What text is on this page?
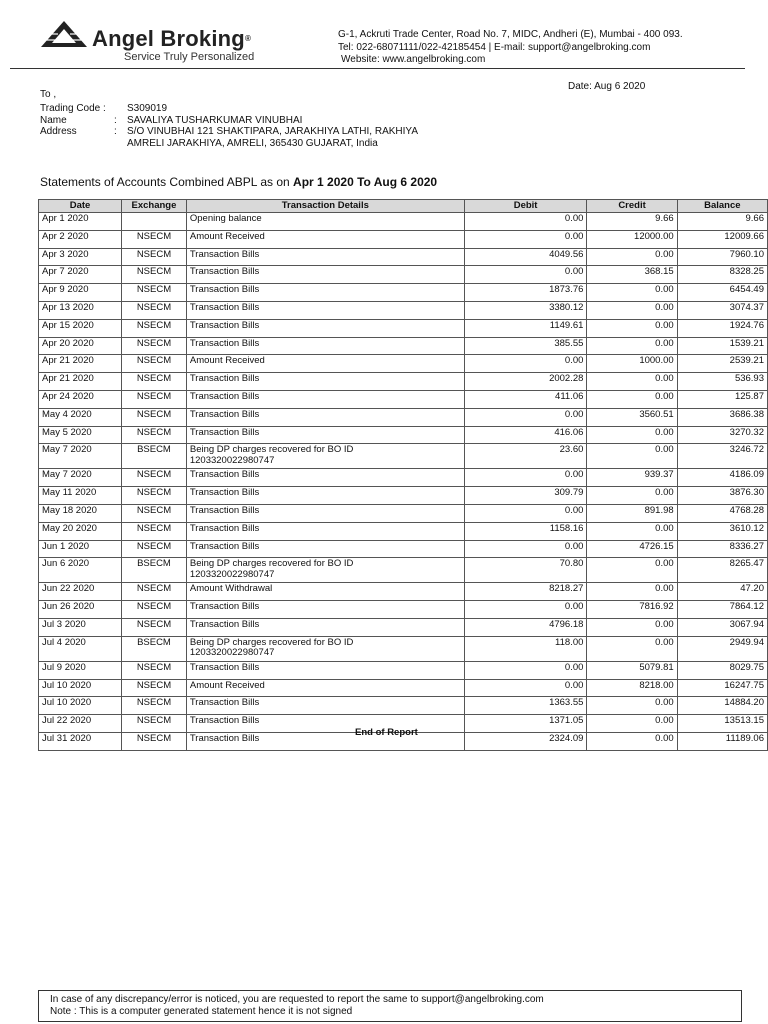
Angel Broking®
Service Truly Personalized
G-1, Ackruti Trade Center, Road No. 7, MIDC, Andheri (E), Mumbai - 400 093.
Tel: 022-68071111/022-42185454 | E-mail: support@angelbroking.com
Website: www.angelbroking.com
Date: Aug 6 2020
To ,
Trading Code :	S309019
Name	:	SAVALIYA TUSHARKUMAR VINUBHAI
Address	:	S/O VINUBHAI 121 SHAKTIPARA, JARAKHIYA LATHI, RAKHIYA
AMRELI JARAKHIYA, AMRELI, 365430 GUJARAT, India
Statements of Accounts Combined ABPL as on Apr 1 2020 To Aug 6 2020
Date	Exchange	Transaction Details	Debit	Credit	Balance

Apr 1 2020		Opening balance	0.00	9.66	9.66

Apr 2 2020	NSECM	Amount Received	0.00	12000.00	12009.66

Apr 3 2020	NSECM	Transaction Bills	4049.56	0.00	7960.10

Apr 7 2020	NSECM	Transaction Bills	0.00	368.15	8328.25

Apr 9 2020	NSECM	Transaction Bills	1873.76	0.00	6454.49

Apr 13 2020	NSECM	Transaction Bills	3380.12	0.00	3074.37

Apr 15 2020	NSECM	Transaction Bills	1149.61	0.00	1924.76

Apr 20 2020	NSECM	Transaction Bills	385.55	0.00	1539.21

Apr 21 2020	NSECM	Amount Received	0.00	1000.00	2539.21

Apr 21 2020	NSECM	Transaction Bills	2002.28	0.00	536.93

Apr 24 2020	NSECM	Transaction Bills	411.06	0.00	125.87

May 4 2020	NSECM	Transaction Bills	0.00	3560.51	3686.38

May 5 2020	NSECM	Transaction Bills	416.06	0.00	3270.32

May 7 2020	BSECM	Being DP charges recovered for BO ID
1203320022980747	23.60	0.00	3246.72

May 7 2020	NSECM	Transaction Bills	0.00	939.37	4186.09

May 11 2020	NSECM	Transaction Bills	309.79	0.00	3876.30

May 18 2020	NSECM	Transaction Bills	0.00	891.98	4768.28

May 20 2020	NSECM	Transaction Bills	1158.16	0.00	3610.12

Jun 1 2020	NSECM	Transaction Bills	0.00	4726.15	8336.27

Jun 6 2020	BSECM	Being DP charges recovered for BO ID
1203320022980747	70.80	0.00	8265.47

Jun 22 2020	NSECM	Amount Withdrawal	8218.27	0.00	47.20

Jun 26 2020	NSECM	Transaction Bills	0.00	7816.92	7864.12

Jul 3 2020	NSECM	Transaction Bills	4796.18	0.00	3067.94

Jul 4 2020	BSECM	Being DP charges recovered for BO ID
1203320022980747	118.00	0.00	2949.94

Jul 9 2020	NSECM	Transaction Bills	0.00	5079.81	8029.75

Jul 10 2020	NSECM	Amount Received	0.00	8218.00	16247.75

Jul 10 2020	NSECM	Transaction Bills	1363.55	0.00	14884.20

Jul 22 2020	NSECM	Transaction Bills	1371.05	0.00	13513.15

Jul 31 2020	NSECM	Transaction Bills	2324.09	0.00	11189.06
End of Report
In case of any discrepancy/error is noticed, you are requested to report the same to support@angelbroking.com
Note : This is a computer generated statement hence it is not signed
